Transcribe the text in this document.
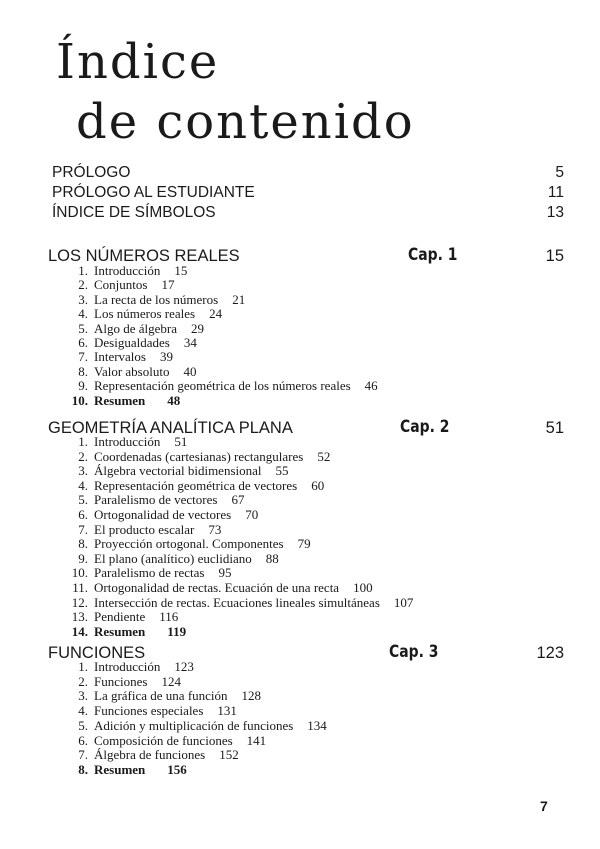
Índice
de contenido
PRÓLOGO	5
PRÓLOGO AL ESTUDIANTE	11
ÍNDICE DE SÍMBOLOS	13
LOS NÚMEROS REALES	Cap. 1	15
1. Introducción 15
2. Conjuntos 17
3. La recta de los números 21
4. Los números reales 24
5. Algo de álgebra 29
6. Desigualdades 34
7. Intervalos 39
8. Valor absoluto 40
9. Representación geométrica de los números reales 46
10. Resumen 48
GEOMETRÍA ANALÍTICA PLANA	Cap. 2	51
1. Introducción 51
2. Coordenadas (cartesianas) rectangulares 52
3. Álgebra vectorial bidimensional 55
4. Representación geométrica de vectores 60
5. Paralelismo de vectores 67
6. Ortogonalidad de vectores 70
7. El producto escalar 73
8. Proyección ortogonal. Componentes 79
9. El plano (analítico) euclidiano 88
10. Paralelismo de rectas 95
11. Ortogonalidad de rectas. Ecuación de una recta 100
12. Intersección de rectas. Ecuaciones lineales simultáneas 107
13. Pendiente 116
14. Resumen 119
FUNCIONES	Cap. 3	123
1. Introducción 123
2. Funciones 124
3. La gráfica de una función 128
4. Funciones especiales 131
5. Adición y multiplicación de funciones 134
6. Composición de funciones 141
7. Álgebra de funciones 152
8. Resumen 156
7
